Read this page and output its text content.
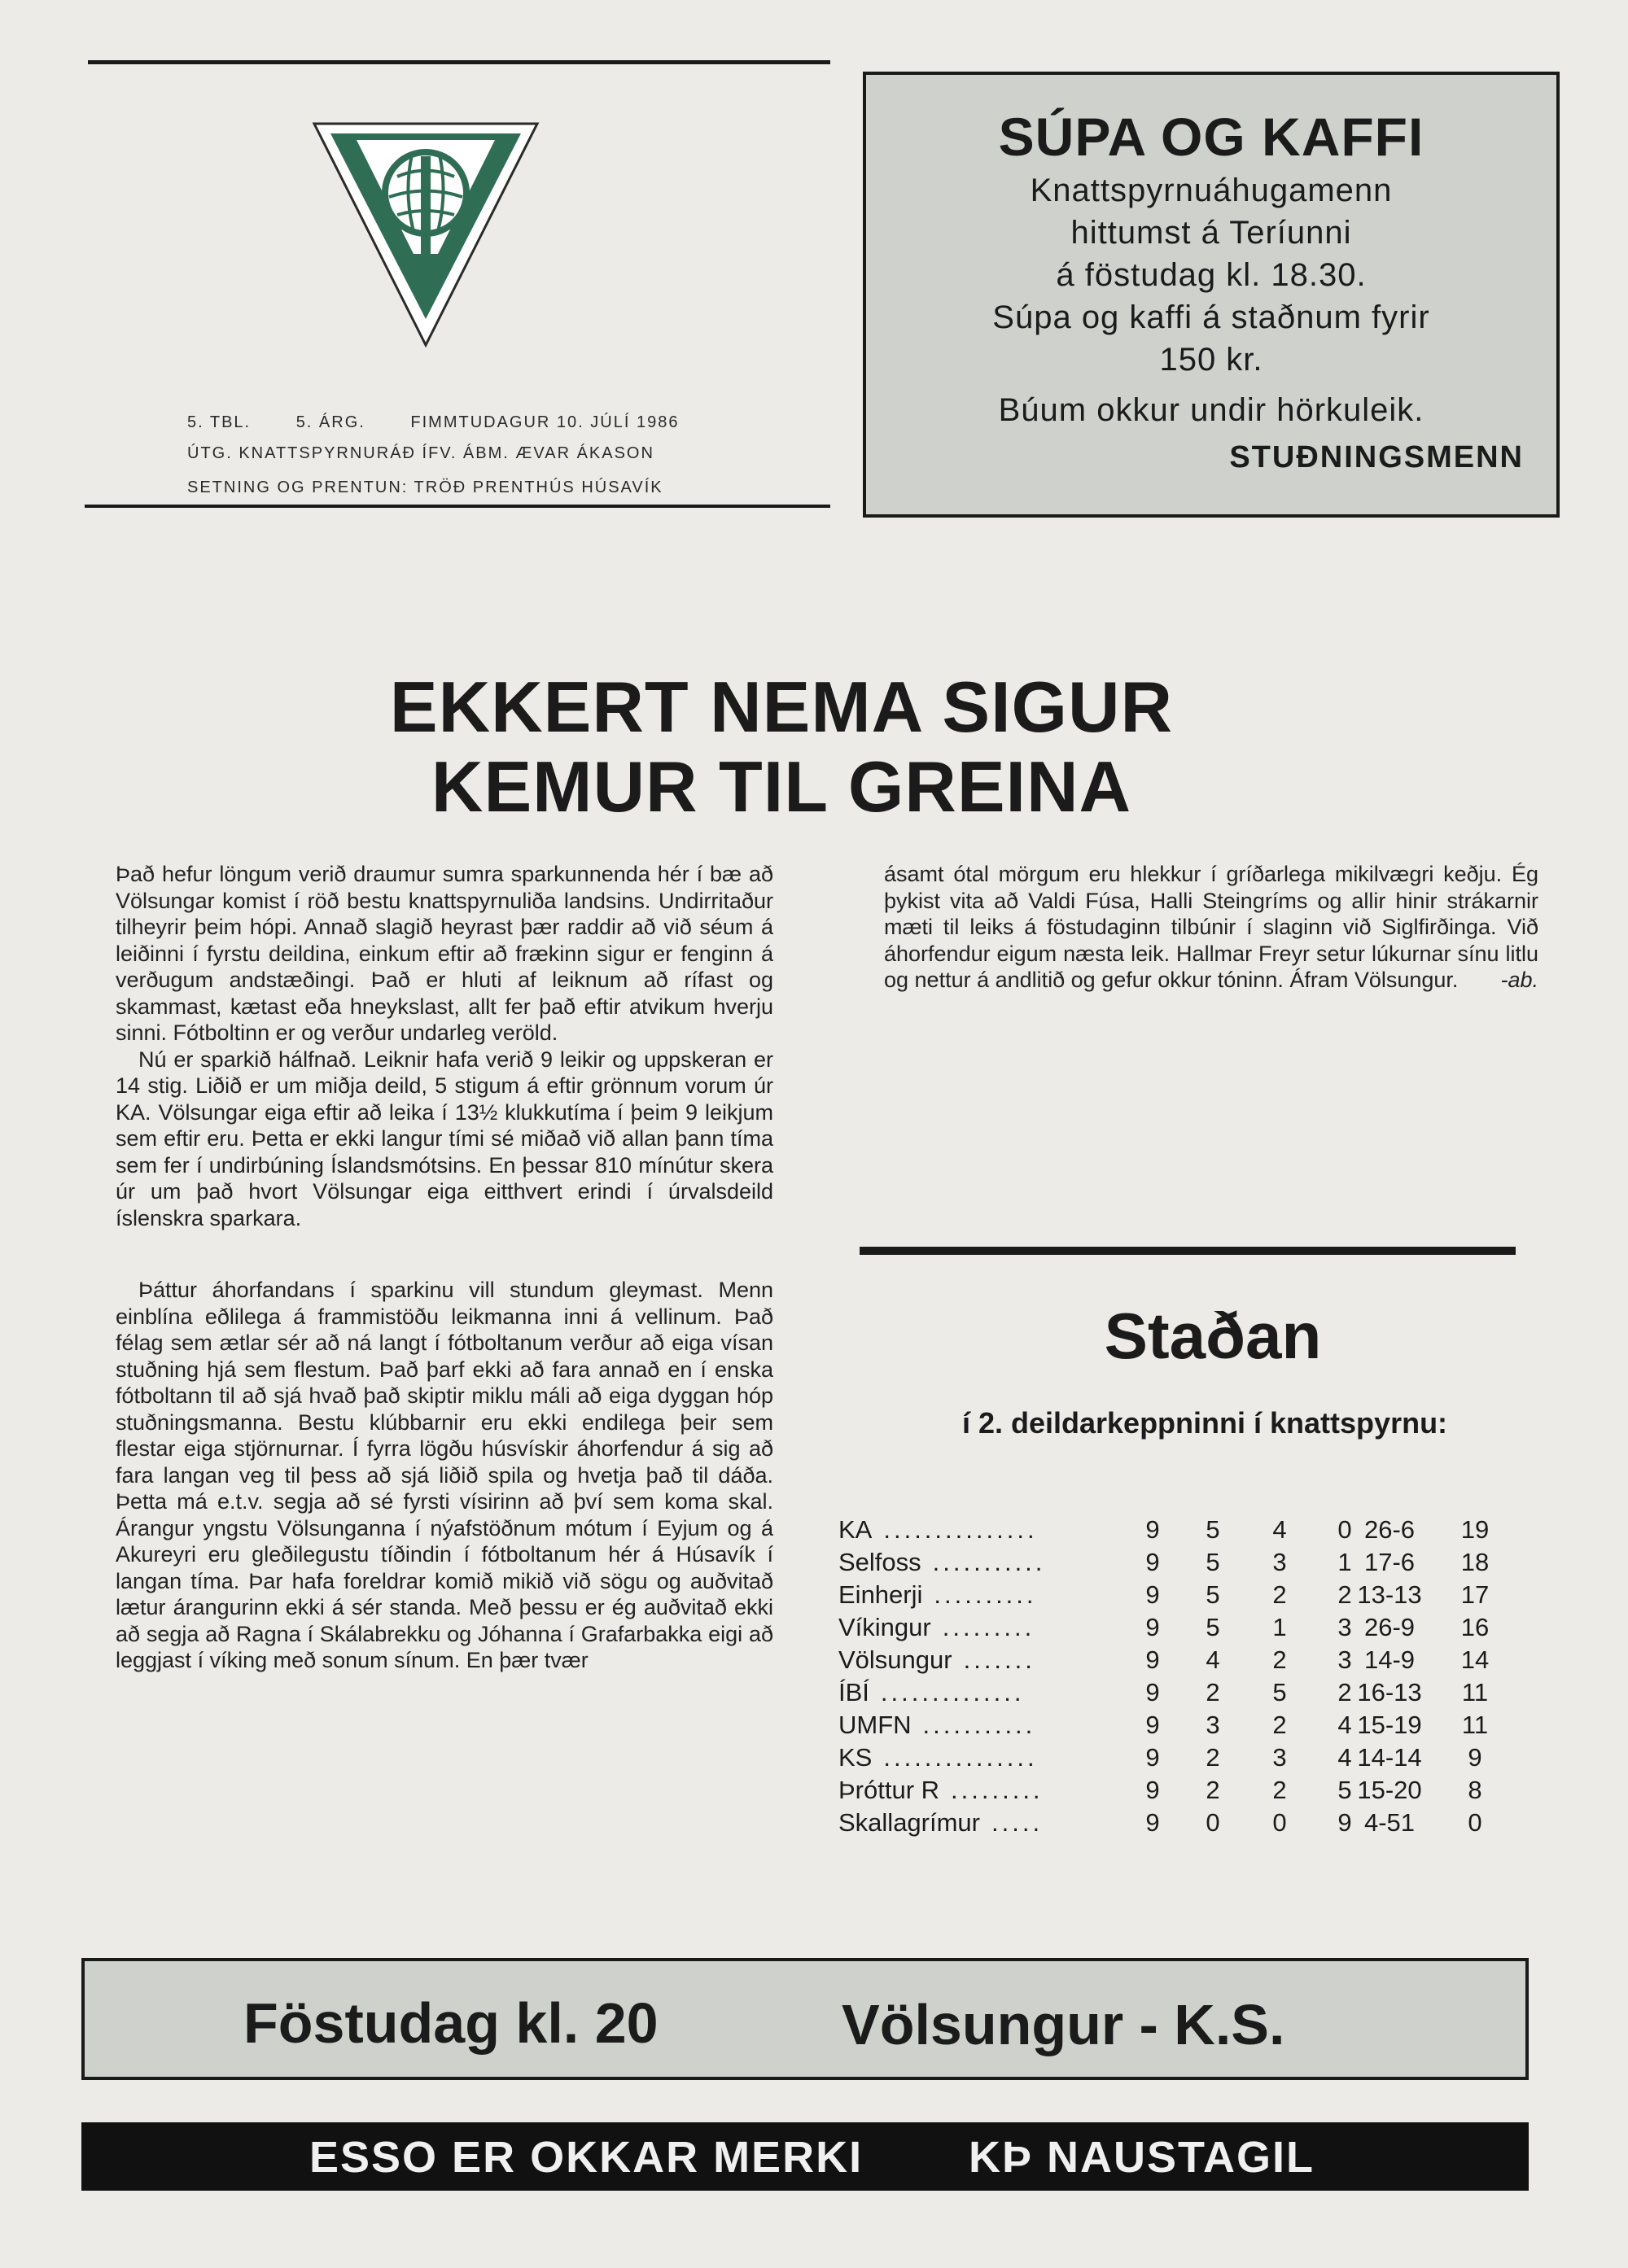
5. TBL.	5. ÁRG.	FIMMTUDAGUR 10. JÚLÍ 1986
ÚTG. KNATTSPYRNURÁÐ ÍFV. ÁBM. ÆVAR ÁKASON
SETNING OG PRENTUN: TRÖÐ PRENTHÚS HÚSAVÍK
SÚPA OG KAFFI
Knattspyrnuáhugamenn
hittumst á Teríunni
á föstudag kl. 18.30.
Súpa og kaffi á staðnum fyrir
150 kr.
Búum okkur undir hörkuleik.
STUÐNINGSMENN
EKKERT NEMA SIGUR
KEMUR TIL GREINA

Það hefur löngum verið draumur sumra sparkunnenda hér í bæ að Völsungar komist í röð bestu knattspyrnuliða landsins. Undirritaður tilheyrir þeim hópi. Annað slagið heyrast þær raddir að við séum á leiðinni í fyrstu deildina, einkum eftir að frækinn sigur er fenginn á verðugum andstæðingi. Það er hluti af leiknum að rífast og skammast, kætast eða hneykslast, allt fer það eftir atvikum hverju sinni. Fótboltinn er og verður undarleg veröld.

Nú er sparkið hálfnað. Leiknir hafa verið 9 leikir og uppskeran er 14 stig. Liðið er um miðja deild, 5 stigum á eftir grönnum vorum úr KA. Völsungar eiga eftir að leika í 13½ klukkutíma í þeim 9 leikjum sem eftir eru. Þetta er ekki langur tími sé miðað við allan þann tíma sem fer í undirbúning Íslandsmótsins. En þessar 810 mínútur skera úr um það hvort Völsungar eiga eitthvert erindi í úrvalsdeild íslenskra sparkara.

Þáttur áhorfandans í sparkinu vill stundum gleymast. Menn einblína eðlilega á frammistöðu leikmanna inni á vellinum. Það félag sem ætlar sér að ná langt í fótboltanum verður að eiga vísan stuðning hjá sem flestum. Það þarf ekki að fara annað en í enska fótboltann til að sjá hvað það skiptir miklu máli að eiga dyggan hóp stuðningsmanna. Bestu klúbbarnir eru ekki endilega þeir sem flestar eiga stjörnurnar. Í fyrra lögðu húsvískir áhorfendur á sig að fara langan veg til þess að sjá liðið spila og hvetja það til dáða. Þetta má e.t.v. segja að sé fyrsti vísirinn að því sem koma skal. Árangur yngstu Völsunganna í nýafstöðnum mótum í Eyjum og á Akureyri eru gleðilegustu tíðindin í fótboltanum hér á Húsavík í langan tíma. Þar hafa foreldrar komið mikið við sögu og auðvitað lætur árangurinn ekki á sér standa. Með þessu er ég auðvitað ekki að segja að Ragna í Skálabrekku og Jóhanna í Grafarbakka eigi að leggjast í víking með sonum sínum. En þær tvær

ásamt ótal mörgum eru hlekkur í gríðarlega mikilvægri keðju. Ég þykist vita að Valdi Fúsa, Halli Steingríms og allir hinir strákarnir mæti til leiks á föstudaginn tilbúnir í slaginn við Siglfirðinga. Við áhorfendur eigum næsta leik. Hallmar Freyr setur lúkurnar sínu litlu og nettur á andlitið og gefur okkur tóninn. Áfram Völsungur. -ab.

Staðan
í 2. deildarkeppninni í knattspyrnu:
KA ...............	9	5	4	0 26-6	19
Selfoss ...........	9	5	3	1 17-6	18
Einherji ..........	9	5	2	2 13-13	17
Víkingur .........	9	5	1	3 26-9	16
Völsungur .......	9	4	2	3 14-9	14
ÍBÍ ..............	9	2	5	2 16-13	11
UMFN ...........	9	3	2	4 15-19	11
KS ...............	9	2	3	4 14-14	9
Þróttur R .........	9	2	2	5 15-20	8
Skallagrímur .....	9	0	0	9 4-51	0
Föstudag kl. 20	Völsungur - K.S.
ESSO ER OKKAR MERKI KÞ NAUSTAGIL
